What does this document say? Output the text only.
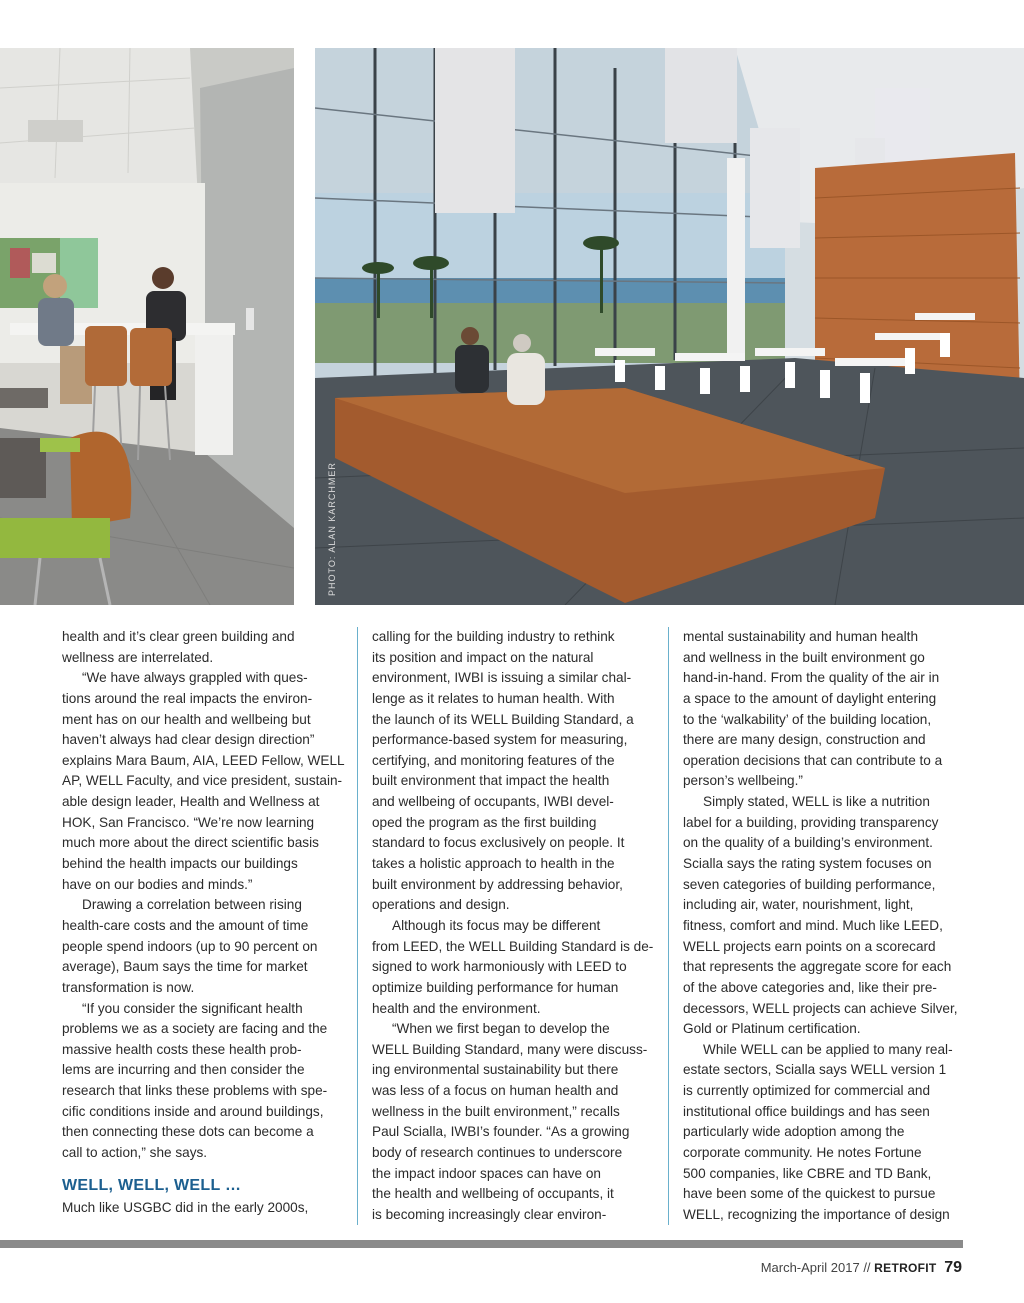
PHOTO: ALAN KARCHMER
health and it’s clear green building and
wellness are interrelated.
“We have always grappled with ques-
tions around the real impacts the environ-
ment has on our health and wellbeing but
haven’t always had clear design direction”
explains Mara Baum, AIA, LEED Fellow, WELL
AP, WELL Faculty, and vice president, sustain-
able design leader, Health and Wellness at
HOK, San Francisco. “We’re now learning
much more about the direct scientific basis
behind the health impacts our buildings
have on our bodies and minds.”
Drawing a correlation between rising
health-care costs and the amount of time
people spend indoors (up to 90 percent on
average), Baum says the time for market
transformation is now.
“If you consider the significant health
problems we as a society are facing and the
massive health costs these health prob-
lems are incurring and then consider the
research that links these problems with spe-
cific conditions inside and around buildings,
then connecting these dots can become a
call to action,” she says.
WELL, WELL, WELL …
Much like USGBC did in the early 2000s,
calling for the building industry to rethink
its position and impact on the natural
environment, IWBI is issuing a similar chal-
lenge as it relates to human health. With
the launch of its WELL Building Standard, a
performance-based system for measuring,
certifying, and monitoring features of the
built environment that impact the health
and wellbeing of occupants, IWBI devel-
oped the program as the first building
standard to focus exclusively on people. It
takes a holistic approach to health in the
built environment by addressing behavior,
operations and design.
Although its focus may be different
from LEED, the WELL Building Standard is de-
signed to work harmoniously with LEED to
optimize building performance for human
health and the environment.
“When we first began to develop the
WELL Building Standard, many were discuss-
ing environmental sustainability but there
was less of a focus on human health and
wellness in the built environment,” recalls
Paul Scialla, IWBI’s founder. “As a growing
body of research continues to underscore
the impact indoor spaces can have on
the health and wellbeing of occupants, it
is becoming increasingly clear environ-
mental sustainability and human health
and wellness in the built environment go
hand-in-hand. From the quality of the air in
a space to the amount of daylight entering
to the ‘walkability’ of the building location,
there are many design, construction and
operation decisions that can contribute to a
person’s wellbeing.”
Simply stated, WELL is like a nutrition
label for a building, providing transparency
on the quality of a building’s environment.
Scialla says the rating system focuses on
seven categories of building performance,
including air, water, nourishment, light,
fitness, comfort and mind. Much like LEED,
WELL projects earn points on a scorecard
that represents the aggregate score for each
of the above categories and, like their pre-
decessors, WELL projects can achieve Silver,
Gold or Platinum certification.
While WELL can be applied to many real-
estate sectors, Scialla says WELL version 1
is currently optimized for commercial and
institutional office buildings and has seen
particularly wide adoption among the
corporate community. He notes Fortune
500 companies, like CBRE and TD Bank,
have been some of the quickest to pursue
WELL, recognizing the importance of design
March-April 2017 // RETROFIT 79
